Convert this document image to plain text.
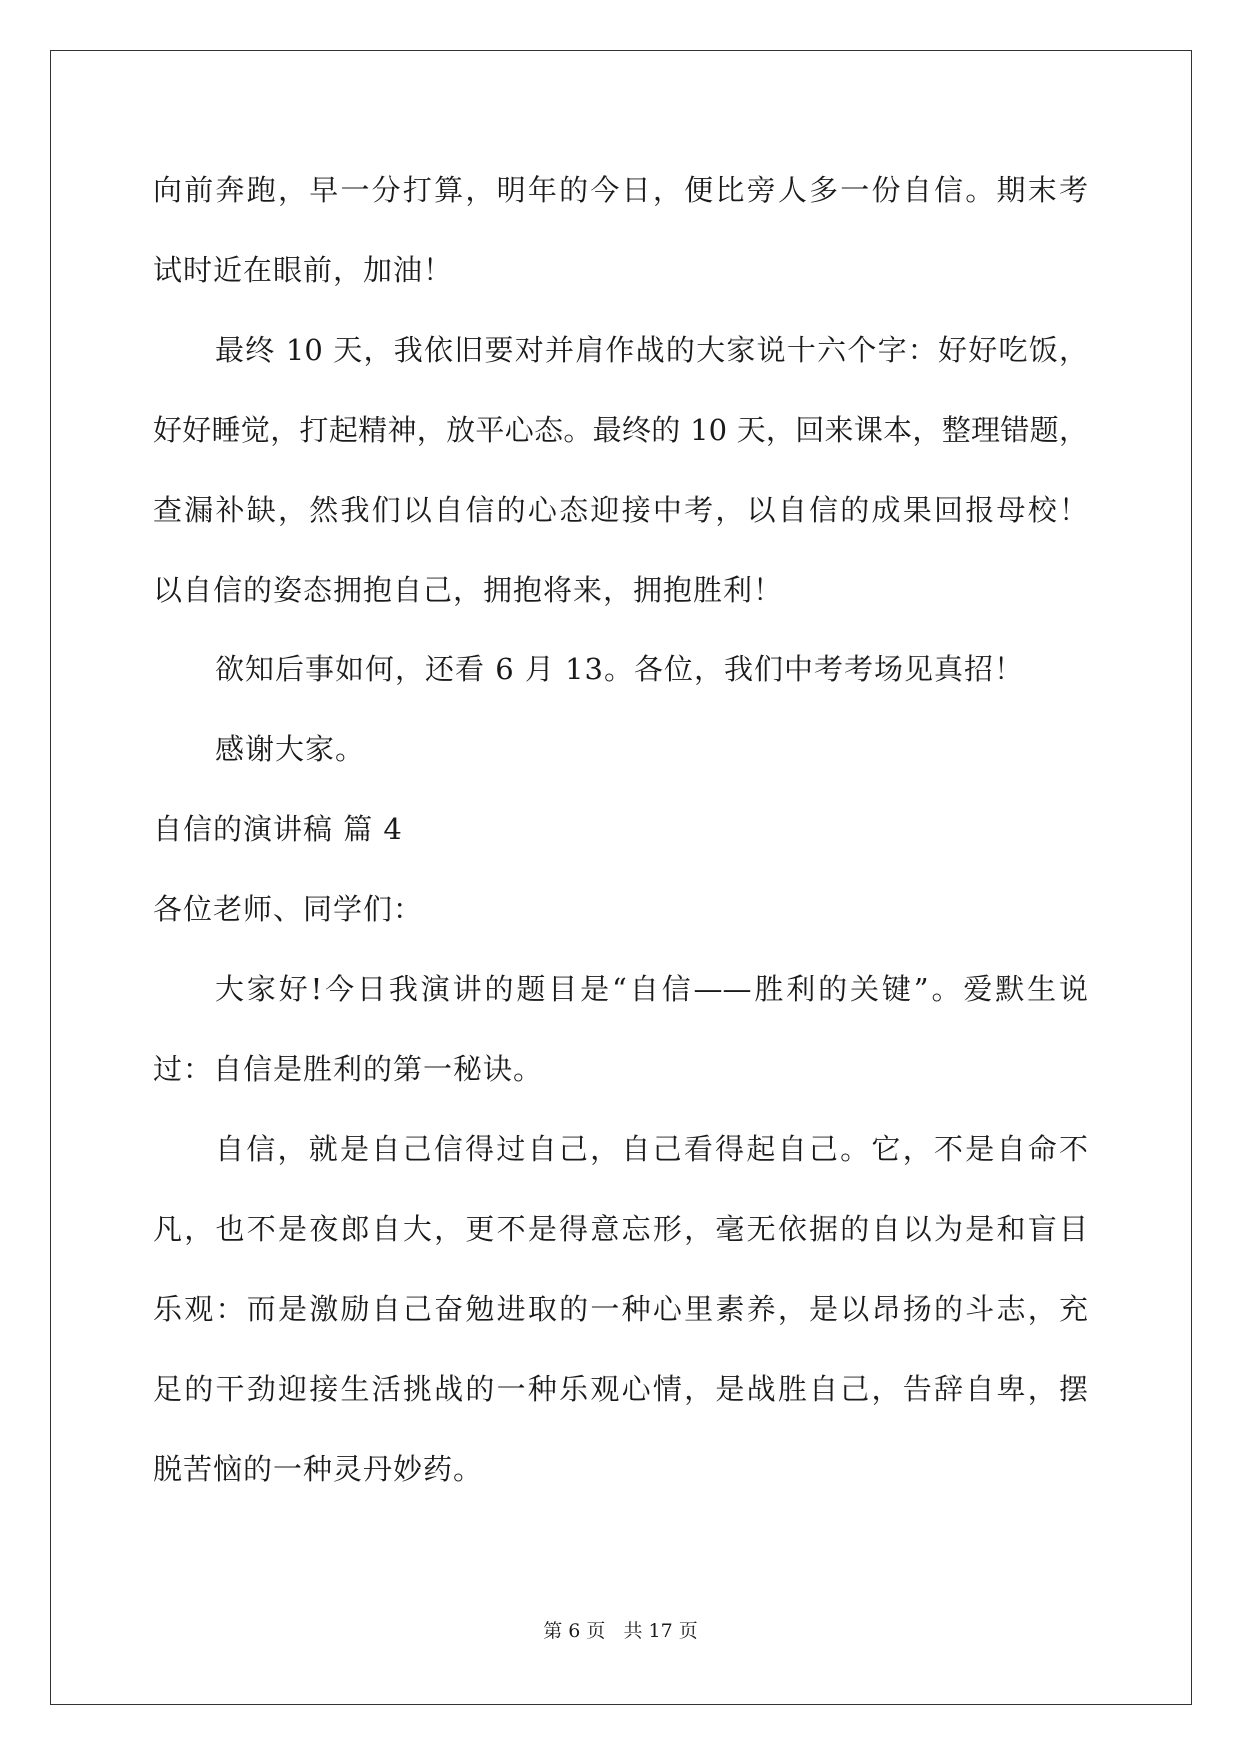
向前奔跑，早一分打算，明年的今日，便比旁人多一份自信。期末考
试时近在眼前，加油！
最终 10 天，我依旧要对并肩作战的大家说十六个字：好好吃饭，
好好睡觉，打起精神，放平心态。最终的 10 天，回来课本，整理错题，
查漏补缺，然我们以自信的心态迎接中考，以自信的成果回报母校！
以自信的姿态拥抱自己，拥抱将来，拥抱胜利！
欲知后事如何，还看 6 月 13。各位，我们中考考场见真招！
感谢大家。
自信的演讲稿 篇 4
各位老师、同学们：
大家好!今日我演讲的题目是“自信——胜利的关键”。爱默生说
过：自信是胜利的第一秘诀。
自信，就是自己信得过自己，自己看得起自己。它，不是自命不
凡，也不是夜郎自大，更不是得意忘形，毫无依据的自以为是和盲目
乐观：而是激励自己奋勉进取的一种心里素养，是以昂扬的斗志，充
足的干劲迎接生活挑战的一种乐观心情，是战胜自己，告辞自卑，摆
脱苦恼的一种灵丹妙药。
第 6 页   共 17 页
